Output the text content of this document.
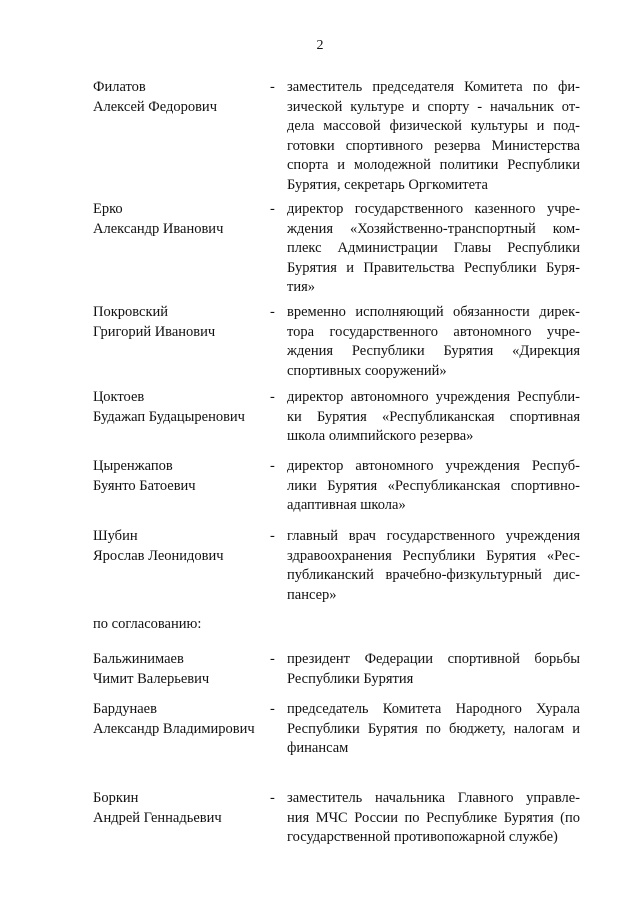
2
Филатов
Алексей Федорович
- заместитель председателя Комитета по фи-
зической культуре и спорту - начальник от-
дела массовой физической культуры и под-
готовки спортивного резерва Министерства
спорта и молодежной политики Республики
Бурятия, секретарь Оргкомитета
Ерко
Александр Иванович
- директор государственного казенного учре-
ждения «Хозяйственно-транспортный ком-
плекс Администрации Главы Республики
Бурятия и Правительства Республики Буря-
тия»
Покровский
Григорий Иванович
- временно исполняющий обязанности дирек-
тора государственного автономного учре-
ждения Республики Бурятия «Дирекция
спортивных сооружений»
Цоктоев
Будажап Будацыренович
- директор автономного учреждения Республи-
ки Бурятия «Республиканская спортивная
школа олимпийского резерва»
Цыренжапов
Буянто Батоевич
- директор автономного учреждения Респуб-
лики Бурятия «Республиканская спортивно-
адаптивная школа»
Шубин
Ярослав Леонидович
- главный врач государственного учреждения
здравоохранения Республики Бурятия «Рес-
публиканский врачебно-физкультурный дис-
пансер»
по согласованию:
Бальжинимаев
Чимит Валерьевич
- президент Федерации спортивной борьбы
Республики Бурятия
Бардунаев
Александр Владимирович
- председатель Комитета Народного Хурала
Республики Бурятия по бюджету, налогам и
финансам
Боркин
Андрей Геннадьевич
- заместитель начальника Главного управле-
ния МЧС России по Республике Бурятия (по
государственной противопожарной службе)
